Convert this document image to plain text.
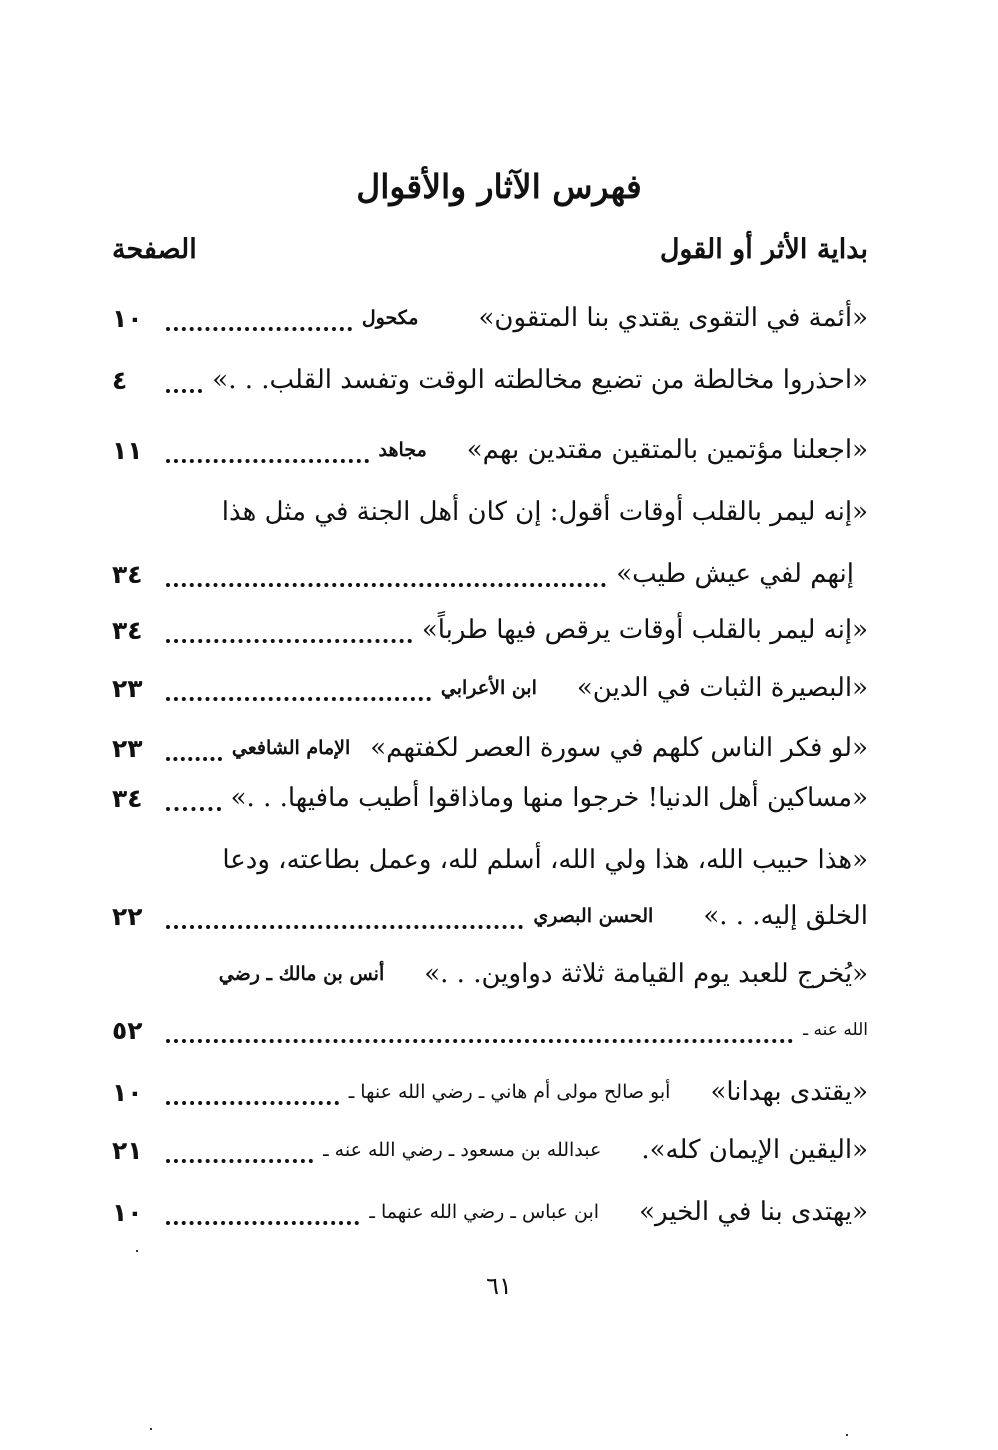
فهرس الآثار والأقوال
بداية الأثر أو القول
الصفحة
«أئمة في التقوى يقتدي بنا المتقون»
مكحول
١٠
«احذروا مخالطة من تضيع مخالطته الوقت وتفسد القلب. . .»
٤
«اجعلنا مؤتمين بالمتقين مقتدين بهم»
مجاهد
١١
«إنه ليمر بالقلب أوقات أقول: إن كان أهل الجنة في مثل هذا
إنهم لفي عيش طيب»
٣٤
«إنه ليمر بالقلب أوقات يرقص فيها طرباً»
٣٤
«البصيرة الثبات في الدين»
ابن الأعرابي
٢٣
«لو فكر الناس كلهم في سورة العصر لكفتهم»
الإمام الشافعي
٢٣
«مساكين أهل الدنيا! خرجوا منها وماذاقوا أطيب مافيها. . .»
٣٤
«هذا حبيب الله، هذا ولي الله، أسلم لله، وعمل بطاعته، ودعا
الخلق إليه. . .»
الحسن البصري
٢٢
«يُخرج للعبد يوم القيامة ثلاثة دواوين. . .»
أنس بن مالك ـ رضي
الله عنه ـ
٥٢
«يقتدى بهدانا»
أبو صالح مولى أم هاني ـ رضي الله عنها ـ
١٠
«اليقين الإيمان كله».
عبدالله بن مسعود ـ رضي الله عنه ـ
٢١
«يهتدى بنا في الخير»
ابن عباس ـ رضي الله عنهما ـ
١٠
٦١
